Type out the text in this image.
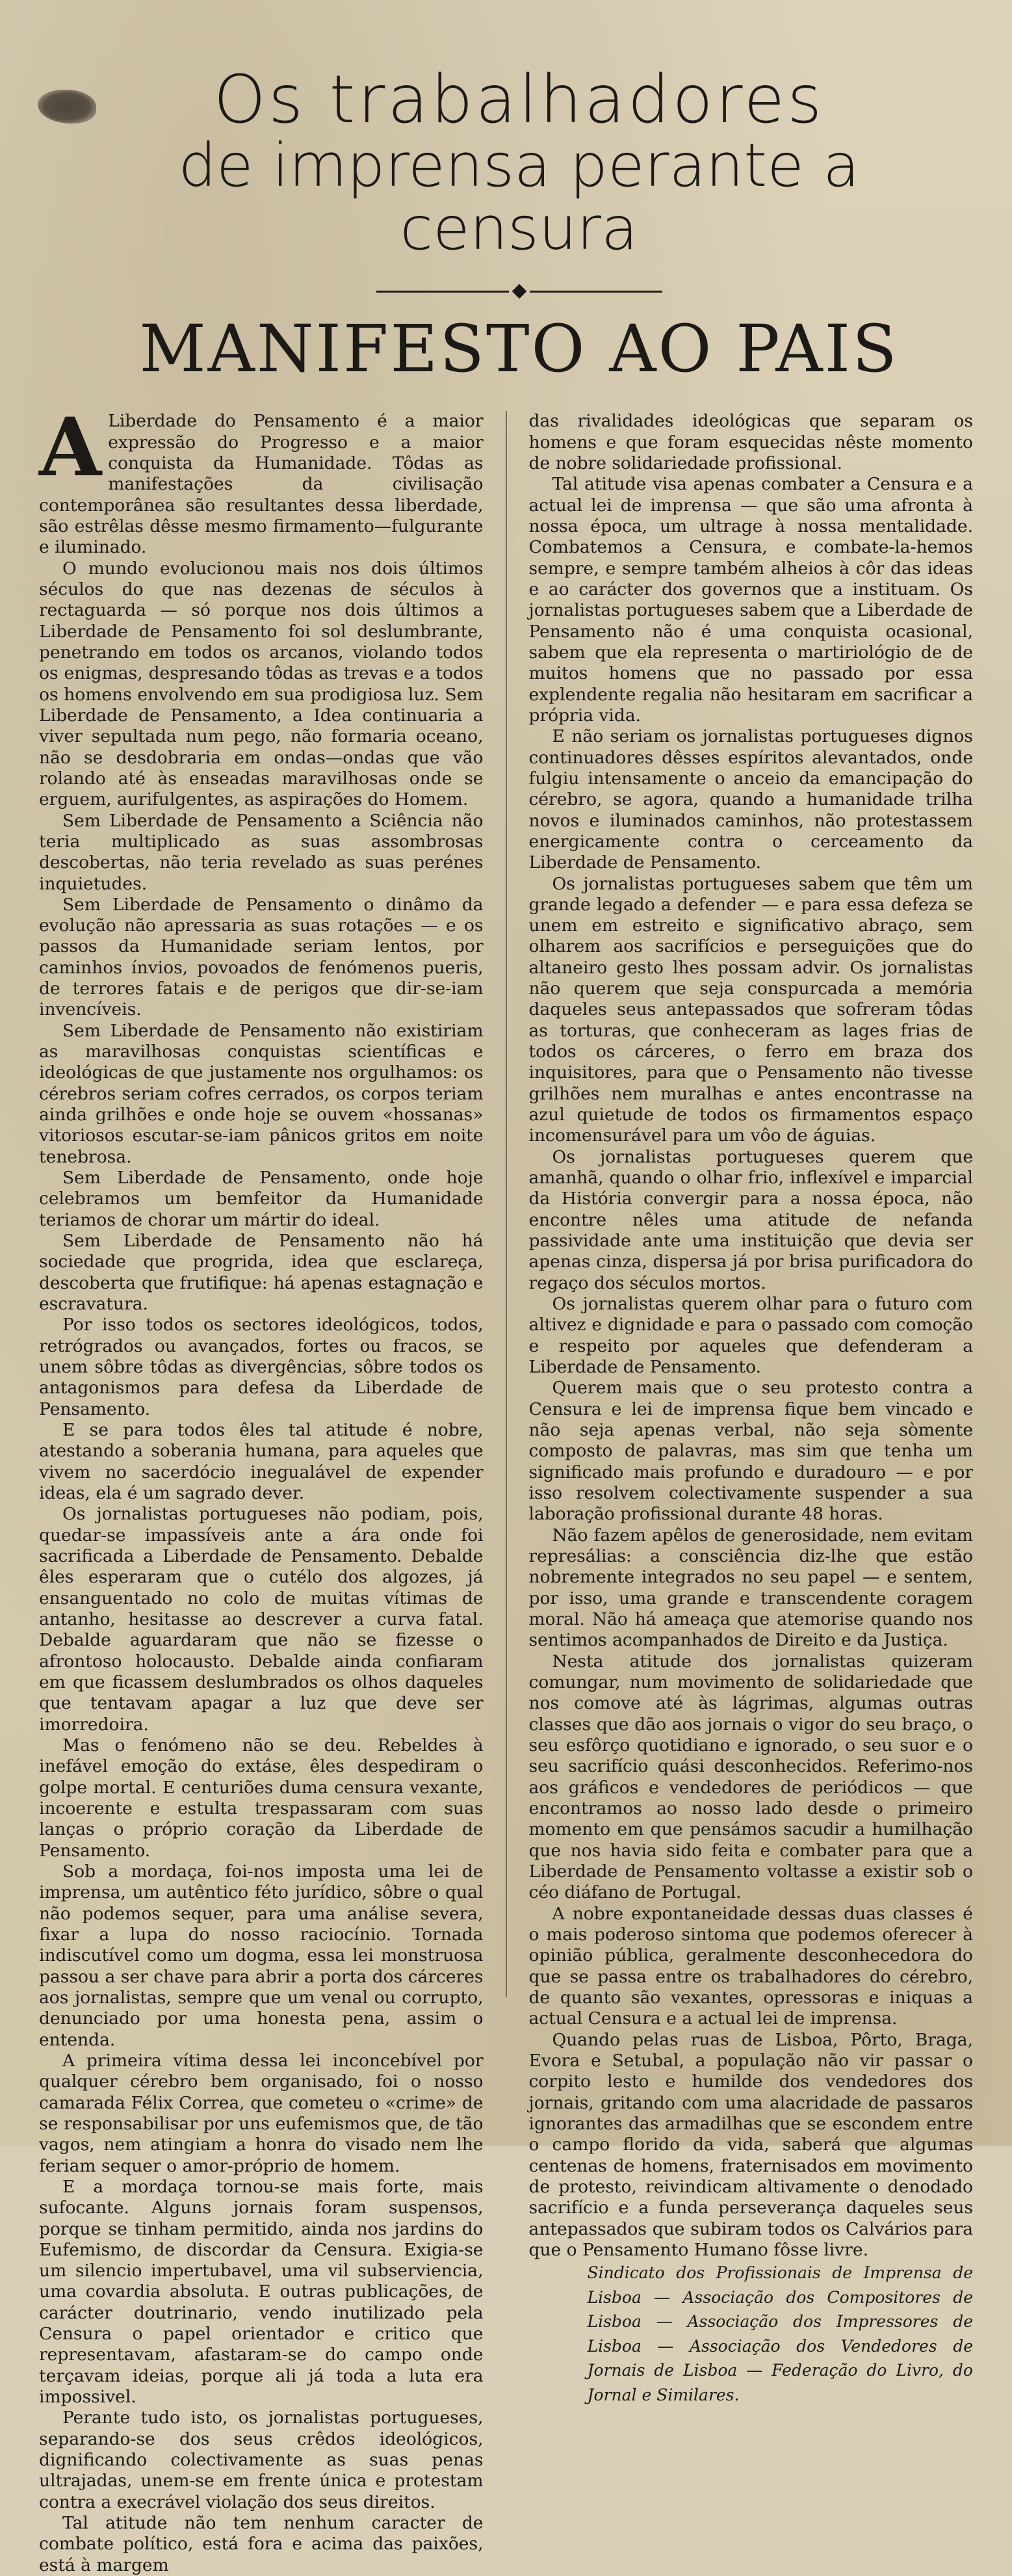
Os trabalhadores
de imprensa perante a censura
MANIFESTO AO PAIS

A Liberdade do Pensamento é a maior expressão do Progresso e a maior conquista da Humanidade. Tôdas as manifestações da civilisação contemporânea são resultantes dessa liberdade, são estrêlas dêsse mesmo firmamento—fulgurante e iluminado.

O mundo evolucionou mais nos dois últimos séculos do que nas dezenas de séculos à rectaguarda — só porque nos dois últimos a Liberdade de Pensamento foi sol deslumbrante, penetrando em todos os arcanos, violando todos os enigmas, despresando tôdas as trevas e a todos os homens envolvendo em sua prodigiosa luz. Sem Liberdade de Pensamento, a Idea continuaria a viver sepultada num pego, não formaria oceano, não se desdobraria em ondas—ondas que vão rolando até às enseadas maravilhosas onde se erguem, aurifulgentes, as aspirações do Homem.

Sem Liberdade de Pensamento a Sciência não teria multiplicado as suas assombrosas descobertas, não teria revelado as suas perénes inquietudes.

Sem Liberdade de Pensamento o dinâmo da evolução não apressaria as suas rotações — e os passos da Humanidade seriam lentos, por caminhos ínvios, povoados de fenómenos pueris, de terrores fatais e de perigos que dir-se-iam invencíveis.

Sem Liberdade de Pensamento não existiriam as maravilhosas conquistas scientíficas e ideológicas de que justamente nos orgulhamos: os cérebros seriam cofres cerrados, os corpos teriam ainda grilhões e onde hoje se ouvem «hossanas» vitoriosos escutar-se-iam pânicos gritos em noite tenebrosa.

Sem Liberdade de Pensamento, onde hoje celebramos um bemfeitor da Humanidade teriamos de chorar um mártir do ideal.

Sem Liberdade de Pensamento não há sociedade que progrida, idea que esclareça, descoberta que frutifique: há apenas estagnação e escravatura.

Por isso todos os sectores ideológicos, todos, retrógrados ou avançados, fortes ou fracos, se unem sôbre tôdas as divergências, sôbre todos os antagonismos para defesa da Liberdade de Pensamento.

E se para todos êles tal atitude é nobre, atestando a soberania humana, para aqueles que vivem no sacerdócio inegualável de expender ideas, ela é um sagrado dever.

Os jornalistas portugueses não podiam, pois, quedar-se impassíveis ante a ára onde foi sacrificada a Liberdade de Pensamento. Debalde êles esperaram que o cutélo dos algozes, já ensanguentado no colo de muitas vítimas de antanho, hesitasse ao descrever a curva fatal. Debalde aguardaram que não se fizesse o afrontoso holocausto. Debalde ainda confiaram em que ficassem deslumbrados os olhos daqueles que tentavam apagar a luz que deve ser imorredoira.

Mas o fenómeno não se deu. Rebeldes à inefável emoção do extáse, êles despediram o golpe mortal. E centuriões duma censura vexante, incoerente e estulta trespassaram com suas lanças o próprio coração da Liberdade de Pensamento.

Sob a mordaça, foi-nos imposta uma lei de imprensa, um autêntico féto jurídico, sôbre o qual não podemos sequer, para uma análise severa, fixar a lupa do nosso raciocínio. Tornada indiscutível como um dogma, essa lei monstruosa passou a ser chave para abrir a porta dos cárceres aos jornalistas, sempre que um venal ou corrupto, denunciado por uma honesta pena, assim o entenda.

A primeira vítima dessa lei inconcebível por qualquer cérebro bem organisado, foi o nosso camarada Félix Correa, que cometeu o «crime» de se responsabilisar por uns eufemismos que, de tão vagos, nem atingiam a honra do visado nem lhe feriam sequer o amor-próprio de homem.

E a mordaça tornou-se mais forte, mais sufocante. Alguns jornais foram suspensos, porque se tinham permitido, ainda nos jardins do Eufemismo, de discordar da Censura. Exigia-se um silencio impertubavel, uma vil subserviencia, uma covardia absoluta. E outras publicações, de carácter doutrinario, vendo inutilizado pela Censura o papel orientador e critico que representavam, afastaram-se do campo onde terçavam ideias, porque ali já toda a luta era impossivel.

Perante tudo isto, os jornalistas portugueses, separando-se dos seus crêdos ideológicos, dignificando colectivamente as suas penas ultrajadas, unem-se em frente única e protestam contra a execrável violação dos seus direitos.

Tal atitude não tem nenhum caracter de combate político, está fora e acima das paixões, está à margem

das rivalidades ideológicas que separam os homens e que foram esquecidas nêste momento de nobre solidariedade profissional.

Tal atitude visa apenas combater a Censura e a actual lei de imprensa — que são uma afronta à nossa época, um ultrage à nossa mentalidade. Combatemos a Censura, e combate-la-hemos sempre, e sempre também alheios à côr das ideas e ao carácter dos governos que a instituam. Os jornalistas portugueses sabem que a Liberdade de Pensamento não é uma conquista ocasional, sabem que ela representa o martiriológio de de muitos homens que no passado por essa explendente regalia não hesitaram em sacrificar a própria vida.

E não seriam os jornalistas portugueses dignos continuadores dêsses espíritos alevantados, onde fulgiu intensamente o anceio da emancipação do cérebro, se agora, quando a humanidade trilha novos e iluminados caminhos, não protestassem energicamente contra o cerceamento da Liberdade de Pensamento.

Os jornalistas portugueses sabem que têm um grande legado a defender — e para essa defeza se unem em estreito e significativo abraço, sem olharem aos sacrifícios e perseguições que do altaneiro gesto lhes possam advir. Os jornalistas não querem que seja conspurcada a memória daqueles seus antepassados que sofreram tôdas as torturas, que conheceram as lages frias de todos os cárceres, o ferro em braza dos inquisitores, para que o Pensamento não tivesse grilhões nem muralhas e antes encontrasse na azul quietude de todos os firmamentos espaço incomensurável para um vôo de águias.

Os jornalistas portugueses querem que amanhã, quando o olhar frio, inflexível e imparcial da História convergir para a nossa época, não encontre nêles uma atitude de nefanda passividade ante uma instituição que devia ser apenas cinza, dispersa já por brisa purificadora do regaço dos séculos mortos.

Os jornalistas querem olhar para o futuro com altivez e dignidade e para o passado com comoção e respeito por aqueles que defenderam a Liberdade de Pensamento.

Querem mais que o seu protesto contra a Censura e lei de imprensa fique bem vincado e não seja apenas verbal, não seja sòmente composto de palavras, mas sim que tenha um significado mais profundo e duradouro — e por isso resolvem colectivamente suspender a sua laboração profissional durante 48 horas.

Não fazem apêlos de generosidade, nem evitam represálias: a consciência diz-lhe que estão nobremente integrados no seu papel — e sentem, por isso, uma grande e transcendente coragem moral. Não há ameaça que atemorise quando nos sentimos acompanhados de Direito e da Justiça.

Nesta atitude dos jornalistas quizeram comungar, num movimento de solidariedade que nos comove até às lágrimas, algumas outras classes que dão aos jornais o vigor do seu braço, o seu esfôrço quotidiano e ignorado, o seu suor e o seu sacrifício quási desconhecidos. Referimo-nos aos gráficos e vendedores de periódicos — que encontramos ao nosso lado desde o primeiro momento em que pensámos sacudir a humilhação que nos havia sido feita e combater para que a Liberdade de Pensamento voltasse a existir sob o céo diáfano de Portugal.

A nobre expontaneidade dessas duas classes é o mais poderoso sintoma que podemos oferecer à opinião pública, geralmente desconhecedora do que se passa entre os trabalhadores do cérebro, de quanto são vexantes, opressoras e iniquas a actual Censura e a actual lei de imprensa.

Quando pelas ruas de Lisboa, Pôrto, Braga, Evora e Setubal, a população não vir passar o corpito lesto e humilde dos vendedores dos jornais, gritando com uma alacridade de passaros ignorantes das armadilhas que se escondem entre o campo florido da vida, saberá que algumas centenas de homens, fraternisados em movimento de protesto, reivindicam altivamente o denodado sacrifício e a funda perseverança daqueles seus antepassados que subiram todos os Calvários para que o Pensamento Humano fôsse livre.

Sindicato dos Profissionais de Imprensa de Lisboa — Associação dos Compositores de Lisboa — Associação dos Impressores de Lisboa — Associação dos Vendedores de Jornais de Lisboa — Federação do Livro, do Jornal e Similares.
